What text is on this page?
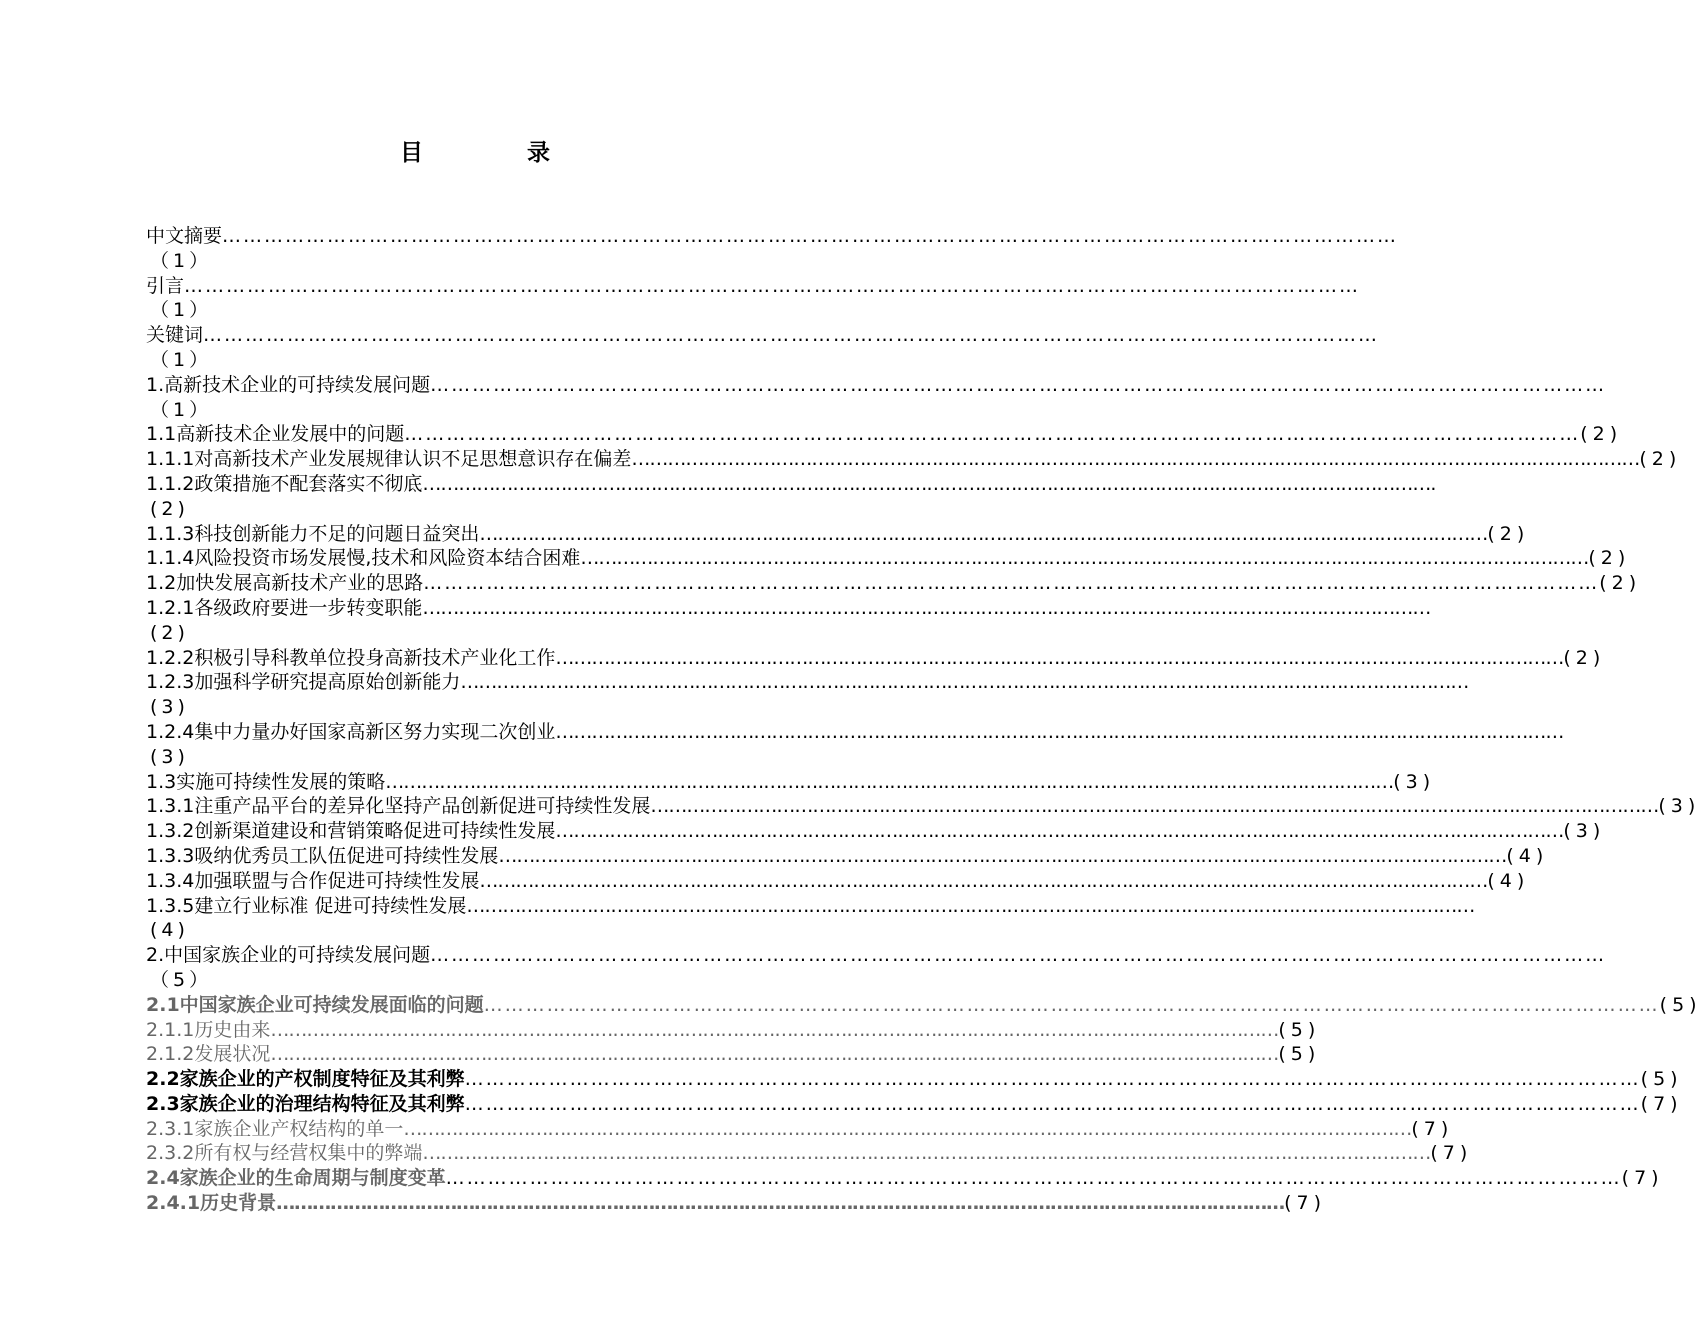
目 录
中文摘要 ……………………………………………………………………………………………………………………………………………………
（1）
引言 ……………………………………………………………………………………………………………………………………………………
（1）
关键词 ……………………………………………………………………………………………………………………………………………………
（1）
1.高新技术企业的可持续发展问题 ……………………………………………………………………………………………………………………………………………………
（1）
1.1高新技术企业发展中的问题 …………………………………………………………………………………………………………………………………………………… (2)
1.1.1对高新技术产业发展规律认识不足思想意识存在偏差 …………………………………………………………………………………………………………………………………………………… (2)
1.1.2政策措施不配套落实不彻底 …………………………………………………………………………………………………………………………………………………… .
(2)
1.1.3科技创新能力不足的问题日益突出 …………………………………………………………………………………………………………………………………………………… (2)
1.1.4风险投资市场发展慢,技术和风险资本结合困难 …………………………………………………………………………………………………………………………………………………… (2)
1.2加快发展高新技术产业的思路 …………………………………………………………………………………………………………………………………………………… (2)
1.2.1各级政府要进一步转变职能 ……………………………………………………………………………………………………………………………………………………
(2)
1.2.2积极引导科教单位投身高新技术产业化工作 …………………………………………………………………………………………………………………………………………………… (2)
1.2.3加强科学研究提高原始创新能力 ……………………………………………………………………………………………………………………………………………………
(3)
1.2.4集中力量办好国家高新区努力实现二次创业 ……………………………………………………………………………………………………………………………………………………
(3)
1.3实施可持续性发展的策略 …………………………………………………………………………………………………………………………………………………… (3)
1.3.1注重产品平台的差异化坚持产品创新促进可持续性发展 …………………………………………………………………………………………………………………………………………………… (3)
1.3.2创新渠道建设和营销策略促进可持续性发展 …………………………………………………………………………………………………………………………………………………… (3)
1.3.3吸纳优秀员工队伍促进可持续性发展 …………………………………………………………………………………………………………………………………………………… (4)
1.3.4加强联盟与合作促进可持续性发展 …………………………………………………………………………………………………………………………………………………… (4)
1.3.5建立行业标准 促进可持续性发展 ……………………………………………………………………………………………………………………………………………………
(4)
2.中国家族企业的可持续发展问题 ……………………………………………………………………………………………………………………………………………………
（5）
2.1中国家族企业可持续发展面临的问题 …………………………………………………………………………………………………………………………………………………… (5)
2.1.1历史由来 …………………………………………………………………………………………………………………………………………………… (5)
2.1.2发展状况 …………………………………………………………………………………………………………………………………………………… (5)
2.2家族企业的产权制度特征及其利弊 …………………………………………………………………………………………………………………………………………………… (5)
2.3家族企业的治理结构特征及其利弊 …………………………………………………………………………………………………………………………………………………… (7)
2.3.1家族企业产权结构的单一 …………………………………………………………………………………………………………………………………………………… (7)
2.3.2所有权与经营权集中的弊端 …………………………………………………………………………………………………………………………………………………… (7)
2.4家族企业的生命周期与制度变革 …………………………………………………………………………………………………………………………………………………… (7)
2.4.1历史背景 …………………………………………………………………………………………………………………………………………………… (7)
